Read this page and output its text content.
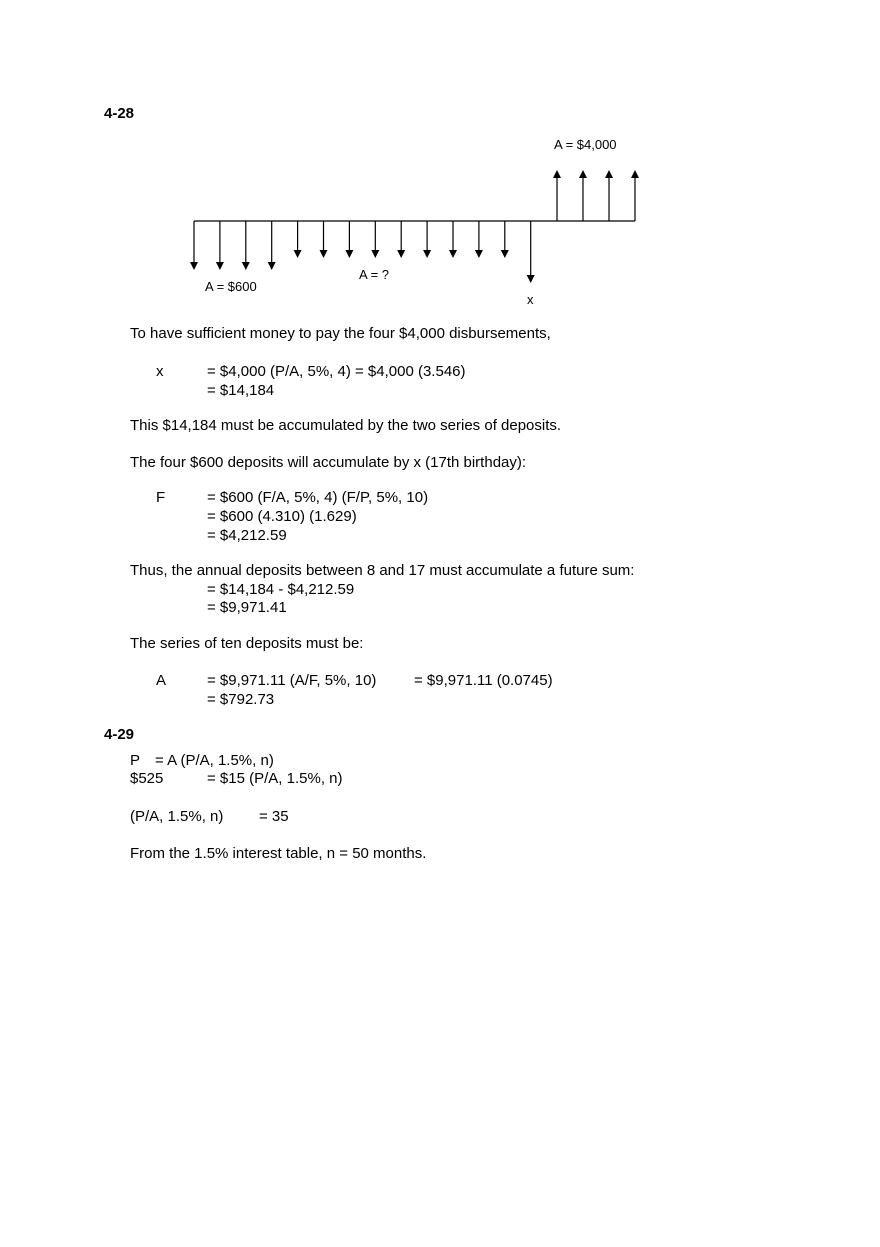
4-28
A = $4,000
A = ?
A = $600
x
To have sufficient money to pay the four $4,000 disbursements,
x	= $4,000 (P/A, 5%, 4) = $4,000 (3.546)
= $14,184
This $14,184 must be accumulated by the two series of deposits.
The four $600 deposits will accumulate by x (17th birthday):
F	= $600 (F/A, 5%, 4) (F/P, 5%, 10)
= $600 (4.310) (1.629)
= $4,212.59
Thus, the annual deposits between 8 and 17 must accumulate a future sum:
= $14,184 - $4,212.59
= $9,971.41
The series of ten deposits must be:
A	= $9,971.11 (A/F, 5%, 10)	= $9,971.11 (0.0745)
= $792.73
4-29
P = A (P/A, 1.5%, n)
$525	= $15 (P/A, 1.5%, n)
(P/A, 1.5%, n) = 35
From the 1.5% interest table, n = 50 months.
